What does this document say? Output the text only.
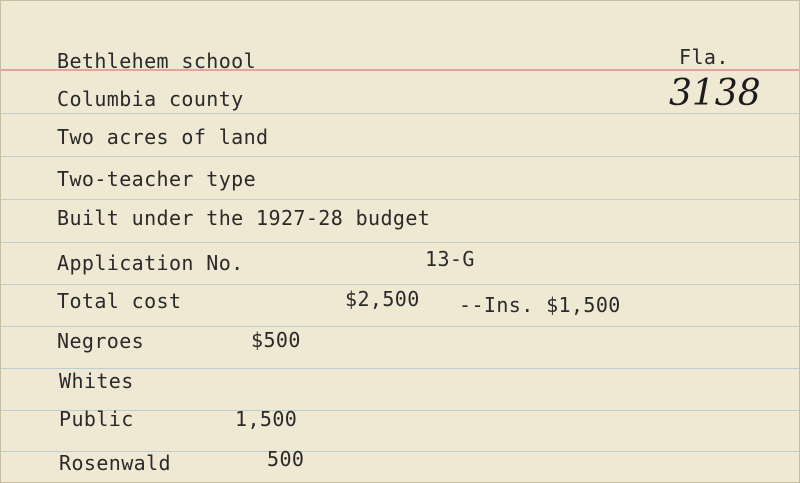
Fla.
3138
Bethlehem school
Columbia county
Two acres of land
Two-teacher type
Built under the 1927-28 budget
Application No.	13-G
Total cost	$2,500 --Ins. $1,500
Negroes	$500
Whites
Public	1,500
Rosenwald	500
